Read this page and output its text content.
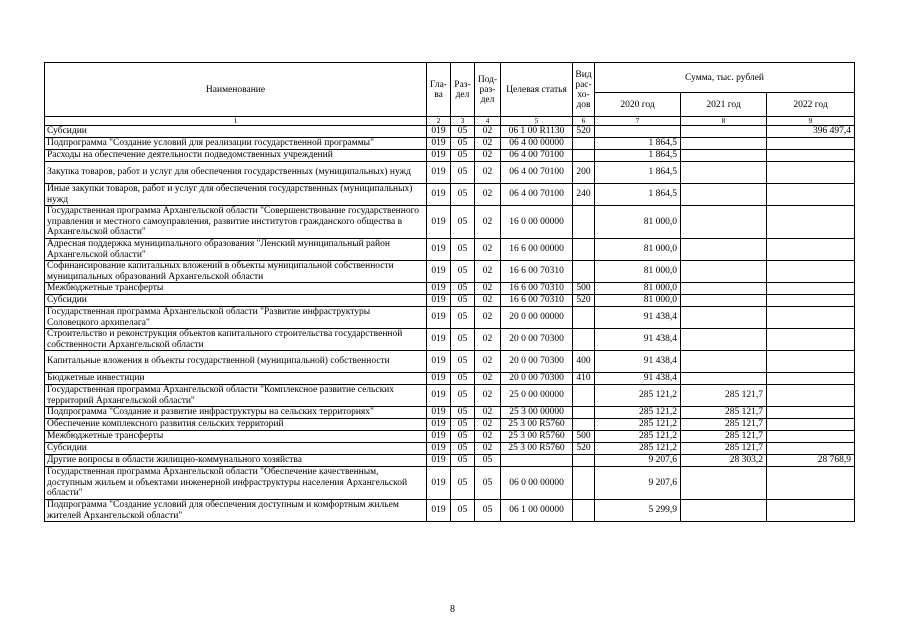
Наименование	Гла-ва	Раз-дел	Под-раз-дел	Целевая статья	Вид рас-хо-дов	Сумма, тыс. рублей		
						2020 год	2021 год	2022 год
1	2	3	4	5	6	7	8	9
Субсидии	019	05	02	06 1 00 R1130	520			396 497,4
Подпрограмма "Создание условий для реализации государственной программы"	019	05	02	06 4 00 00000		1 864,5		
Расходы на обеспечение деятельности подведомственных учреждений	019	05	02	06 4 00 70100		1 864,5		
Закупка товаров, работ и услуг для обеспечения государственных (муниципальных) нужд	019	05	02	06 4 00 70100	200	1 864,5		
Иные закупки товаров, работ и услуг для обеспечения государственных (муниципальных) нужд	019	05	02	06 4 00 70100	240	1 864,5		
Государственная программа Архангельской области "Совершенствование государственного управления и местного самоуправления, развитие институтов гражданского общества в Архангельской области"	019	05	02	16 0 00 00000		81 000,0		
Адресная поддержка муниципального образования "Ленский муниципальный район Архангельской области"	019	05	02	16 6 00 00000		81 000,0		
Софинансирование капитальных вложений в объекты муниципальной собственности муниципальных образований Архангельской области	019	05	02	16 6 00 70310		81 000,0		
Межбюджетные трансферты	019	05	02	16 6 00 70310	500	81 000,0		
Субсидии	019	05	02	16 6 00 70310	520	81 000,0		
Государственная программа Архангельской области "Развитие инфраструктуры Соловецкого архипелага"	019	05	02	20 0 00 00000		91 438,4		
Строительство и реконструкция объектов капитального строительства государственной собственности Архангельской области	019	05	02	20 0 00 70300		91 438,4		
Капитальные вложения в объекты государственной (муниципальной) собственности	019	05	02	20 0 00 70300	400	91 438,4		
Бюджетные инвестиции	019	05	02	20 0 00 70300	410	91 438,4		
Государственная программа Архангельской области "Комплексное развитие сельских территорий Архангельской области"	019	05	02	25 0 00 00000		285 121,2	285 121,7	
Подпрограмма "Создание и развитие инфраструктуры на сельских территориях"	019	05	02	25 3 00 00000		285 121,2	285 121,7	
Обеспечение комплексного развития сельских территорий	019	05	02	25 3 00 R5760		285 121,2	285 121,7	
Межбюджетные трансферты	019	05	02	25 3 00 R5760	500	285 121,2	285 121,7	
Субсидии	019	05	02	25 3 00 R5760	520	285 121,2	285 121,7	
Другие вопросы в области жилищно-коммунального хозяйства	019	05	05			9 207,6	28 303,2	28 768,9
Государственная программа Архангельской области "Обеспечение качественным, доступным жильем и объектами инженерной инфраструктуры населения Архангельской области"	019	05	05	06 0 00 00000		9 207,6		
Подпрограмма "Создание условий для обеспечения доступным и комфортным жильем жителей Архангельской области"	019	05	05	06 1 00 00000		5 299,9		
8
